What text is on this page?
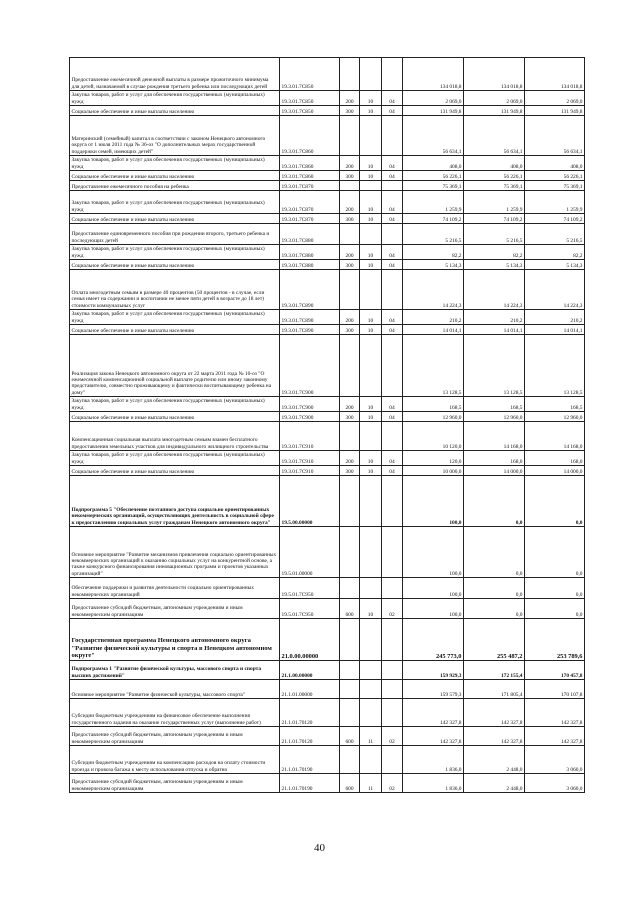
Предоставление ежемесячной денежной выплаты в размере прожиточного минимума для детей, назначаемой в случае рождения третьего ребенка или последующих детей	19.3.01.7С850				134 018,8	134 018,8	134 018,8
Закупка товаров, работ и услуг для обеспечения государственных (муниципальных) нужд	19.3.01.7С850	200	10	04	2 069,0	2 069,0	2 069,0
Социальное обеспечение и иные выплаты населению	19.3.01.7С850	300	10	04	131 949,8	131 949,8	131 949,8
Материнский (семейный) капитал в соответствии с законом Ненецкого автономного округа от 1 июля 2011 года № 36-оз "О дополнительных мерах государственной поддержки семей, имеющих детей"	19.3.01.7С860				56 634,1	56 634,1	56 634,1
Закупка товаров, работ и услуг для обеспечения государственных (муниципальных) нужд	19.3.01.7С860	200	10	04	408,0	408,0	408,0
Социальное обеспечение и иные выплаты населению	19.3.01.7С860	300	10	04	56 226,1	56 226,1	56 226,1
Предоставление ежемесячного пособия на ребенка	19.3.01.7С870				75 369,1	75 369,1	75 369,1
Закупка товаров, работ и услуг для обеспечения государственных (муниципальных) нужд	19.3.01.7С870	200	10	04	1 259,9	1 259,9	1 259,9
Социальное обеспечение и иные выплаты населению	19.3.01.7С870	300	10	04	74 109,2	74 109,2	74 109,2
Предоставление единовременного пособия при рождении второго, третьего ребенка и последующих детей	19.3.01.7С880				5 216,5	5 216,5	5 216,5
Закупка товаров, работ и услуг для обеспечения государственных (муниципальных) нужд	19.3.01.7С880	200	10	04	82,2	82,2	82,2
Социальное обеспечение и иные выплаты населению	19.3.01.7С880	300	10	04	5 134,3	5 134,3	5 134,3
Оплата многодетным семьям в размере 40 процентов (50 процентов - в случае, если семья имеет на содержании и воспитании не менее пяти детей в возрасте до 18 лет) стоимости коммунальных услуг	19.3.01.7С890				14 224,3	14 224,3	14 224,3
Закупка товаров, работ и услуг для обеспечения государственных (муниципальных) нужд	19.3.01.7С890	200	10	04	210,2	210,2	210,2
Социальное обеспечение и иные выплаты населению	19.3.01.7С890	300	10	04	14 014,1	14 014,1	14 014,1
Реализация закона Ненецкого автономного округа от 22 марта 2011 года № 10-оз "О ежемесячной компенсационной социальной выплате родителю или иному законному представителю, совместно проживающему и фактически воспитывающему ребенка на дому"	19.3.01.7С900				13 128,5	13 128,5	13 128,5
Закупка товаров, работ и услуг для обеспечения государственных (муниципальных) нужд	19.3.01.7С900	200	10	04	168,5	168,5	168,5
Социальное обеспечение и иные выплаты населению	19.3.01.7С900	300	10	04	12 960,0	12 960,0	12 960,0
Компенсационная социальная выплата многодетным семьям взамен бесплатного предоставления земельных участков для индивидуального жилищного строительства	19.3.01.7С910				10 120,0	14 168,0	14 168,0
Закупка товаров, работ и услуг для обеспечения государственных (муниципальных) нужд	19.3.01.7С910	200	10	04	120,0	168,0	168,0
Социальное обеспечение и иные выплаты населению	19.3.01.7С910	300	10	04	10 000,0	14 000,0	14 000,0
Подпрограмма 5 "Обеспечение поэтапного доступа социально ориентированных некоммерческих организаций, осуществляющих деятельность в социальной сфере к предоставлению социальных услуг гражданам Ненецкого автономного округа"	19.5.00.00000				100,0	0,0	0,0
Основное мероприятие "Развитие механизмов привлечения социально ориентированных некоммерческих организаций к оказанию социальных услуг на конкурентной основе, а также конкурсного финансирования инновационных программ и проектов указанных организаций"	19.5.01.00000				100,0	0,0	0,0
Обеспечение поддержки и развития деятельности социально ориентированных некоммерческих организаций	19.5.01.7С950				100,0	0,0	0,0
Предоставление субсидий бюджетным, автономным учреждениям и иным некоммерческим организациям	19.5.01.7С950	600	10	02	100,0	0,0	0,0
Государственная программа Ненецкого автономного округа "Развитие физической культуры и спорта в Ненецком автономном округе"	21.0.00.00000				245 773,0	255 487,2	253 789,6
Подпрограмма 1 "Развитие физической культуры, массового спорта и спорта высших достижений"	21.1.00.00000				159 929,3	172 155,4	170 457,8
Основное мероприятие "Развитие физической культуры, массового спорта"	21.1.01.00000				159 579,3	171 805,4	170 107,8
Субсидии бюджетным учреждениям на финансовое обеспечение выполнения государственного задания на оказание государственных услуг (выполнение работ)	21.1.01.70120				142 327,8	142 327,8	142 327,8
Предоставление субсидий бюджетным, автономным учреждениям и иным некоммерческим организациям	21.1.01.70120	600	11	02	142 327,8	142 327,8	142 327,8
Субсидии бюджетным учреждениям на компенсацию расходов на оплату стоимости проезда и провоза багажа к месту использования отпуска и обратно	21.1.01.70190				1 836,0	2 448,0	3 060,0
Предоставление субсидий бюджетным, автономным учреждениям и иным некоммерческим организациям	21.1.01.70190	600	11	02	1 836,0	2 448,0	3 060,0
40
